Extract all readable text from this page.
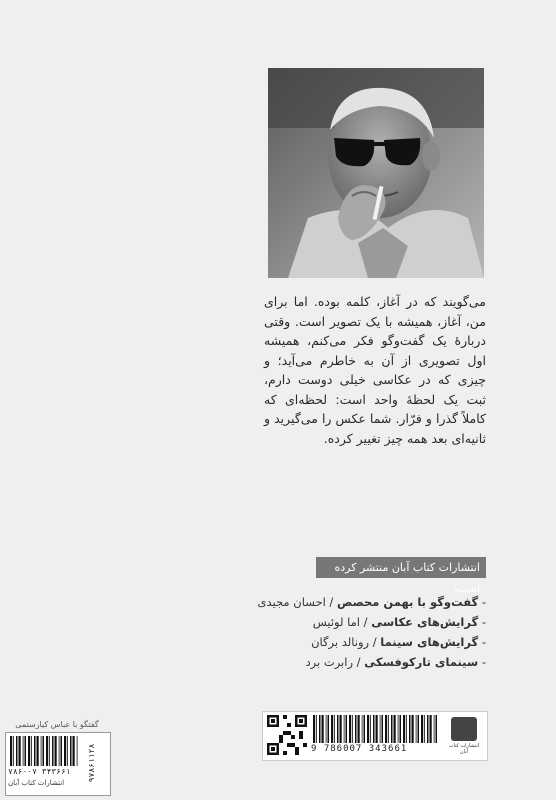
می‌گویند که در آغاز، کلمه بوده. اما برای من، آغاز، همیشه با یک تصویر است. وقتی دربارهٔ یک گفت‌وگو فکر می‌کنم، همیشه اول تصویری از آن به خاطرم می‌آید؛ و چیزی که در عکاسی خیلی دوست دارم، ثبت یک لحظهٔ واحد است: لحظه‌ای که کاملاً گذرا و فرّار. شما عکس را می‌گیرید و ثانیه‌ای بعد همه چیز تغییر کرده.

انتشارات کتاب آبان منتشر کرده است:
- گفت‌وگو با بهمن محصص / احسان مجیدی
- گرایش‌های عکاسی / اما لوئیس
- گرایش‌های سینما / رونالد برگان
- سینمای تارکوفسکی / رابرت برد
9 786007 343661	انتشارات کتاب آبان
گفتگو با عباس کیارستمی
۹۷۸۶۱۱۲۸
۷۸۶۰۰۷ ۳۴۳۶۶۱
انتشارات کتاب آبان
